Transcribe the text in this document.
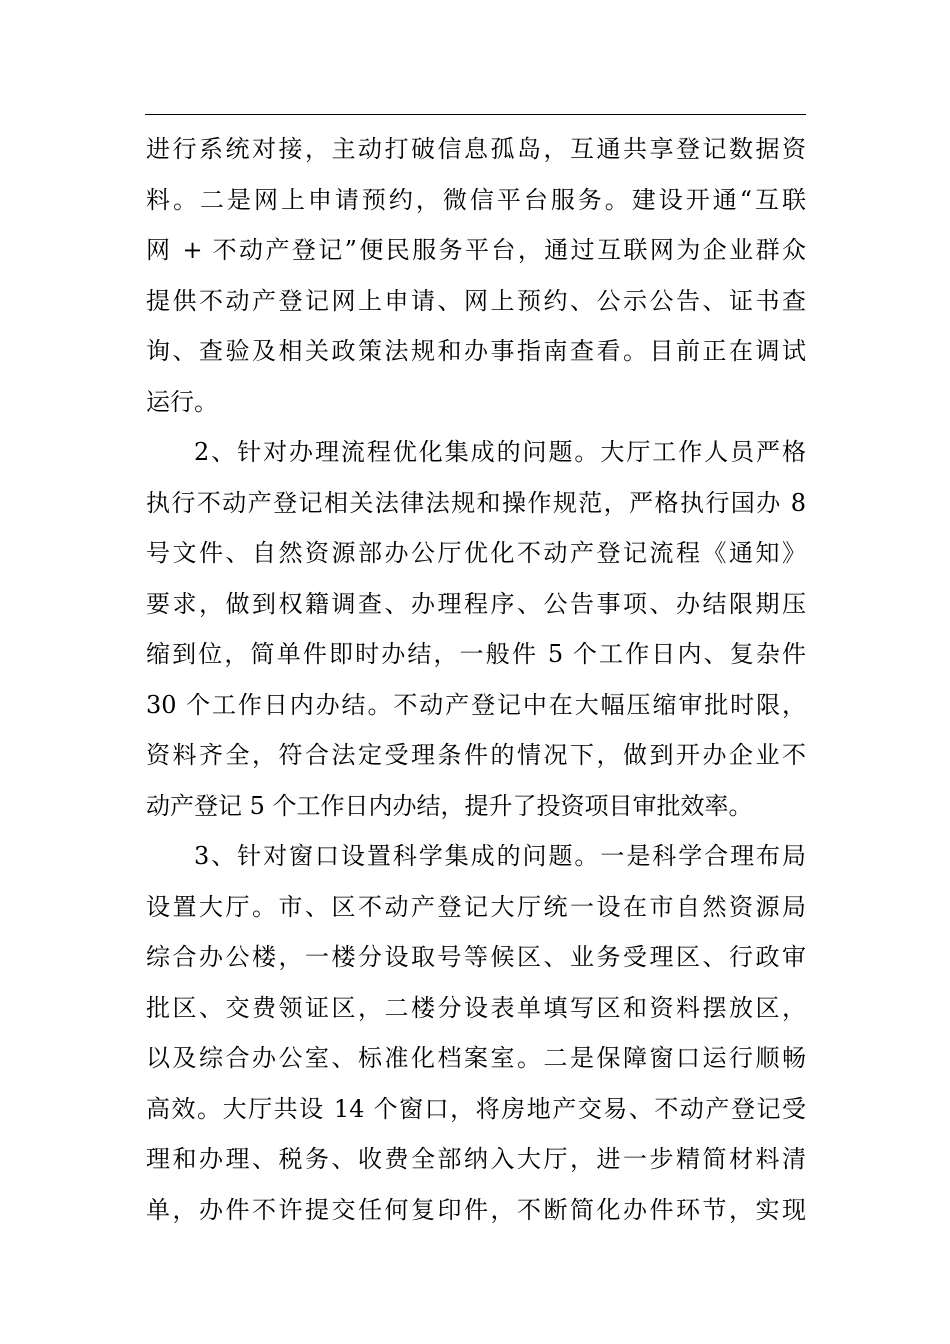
进行系统对接，主动打破信息孤岛，互通共享登记数据资
料。二是网上申请预约，微信平台服务。建设开通“互联
网 + 不动产登记”便民服务平台，通过互联网为企业群众
提供不动产登记网上申请、网上预约、公示公告、证书查
询、查验及相关政策法规和办事指南查看。目前正在调试
运行。
2、针对办理流程优化集成的问题。大厅工作人员严格
执行不动产登记相关法律法规和操作规范，严格执行国办 8
号文件、自然资源部办公厅优化不动产登记流程《通知》
要求，做到权籍调查、办理程序、公告事项、办结限期压
缩到位，简单件即时办结，一般件 5 个工作日内、复杂件
30 个工作日内办结。不动产登记中在大幅压缩审批时限，
资料齐全，符合法定受理条件的情况下，做到开办企业不
动产登记 5 个工作日内办结，提升了投资项目审批效率。
3、针对窗口设置科学集成的问题。一是科学合理布局
设置大厅。市、区不动产登记大厅统一设在市自然资源局
综合办公楼，一楼分设取号等候区、业务受理区、行政审
批区、交费领证区，二楼分设表单填写区和资料摆放区，
以及综合办公室、标准化档案室。二是保障窗口运行顺畅
高效。大厅共设 14 个窗口，将房地产交易、不动产登记受
理和办理、税务、收费全部纳入大厅，进一步精简材料清
单，办件不许提交任何复印件，不断简化办件环节，实现
